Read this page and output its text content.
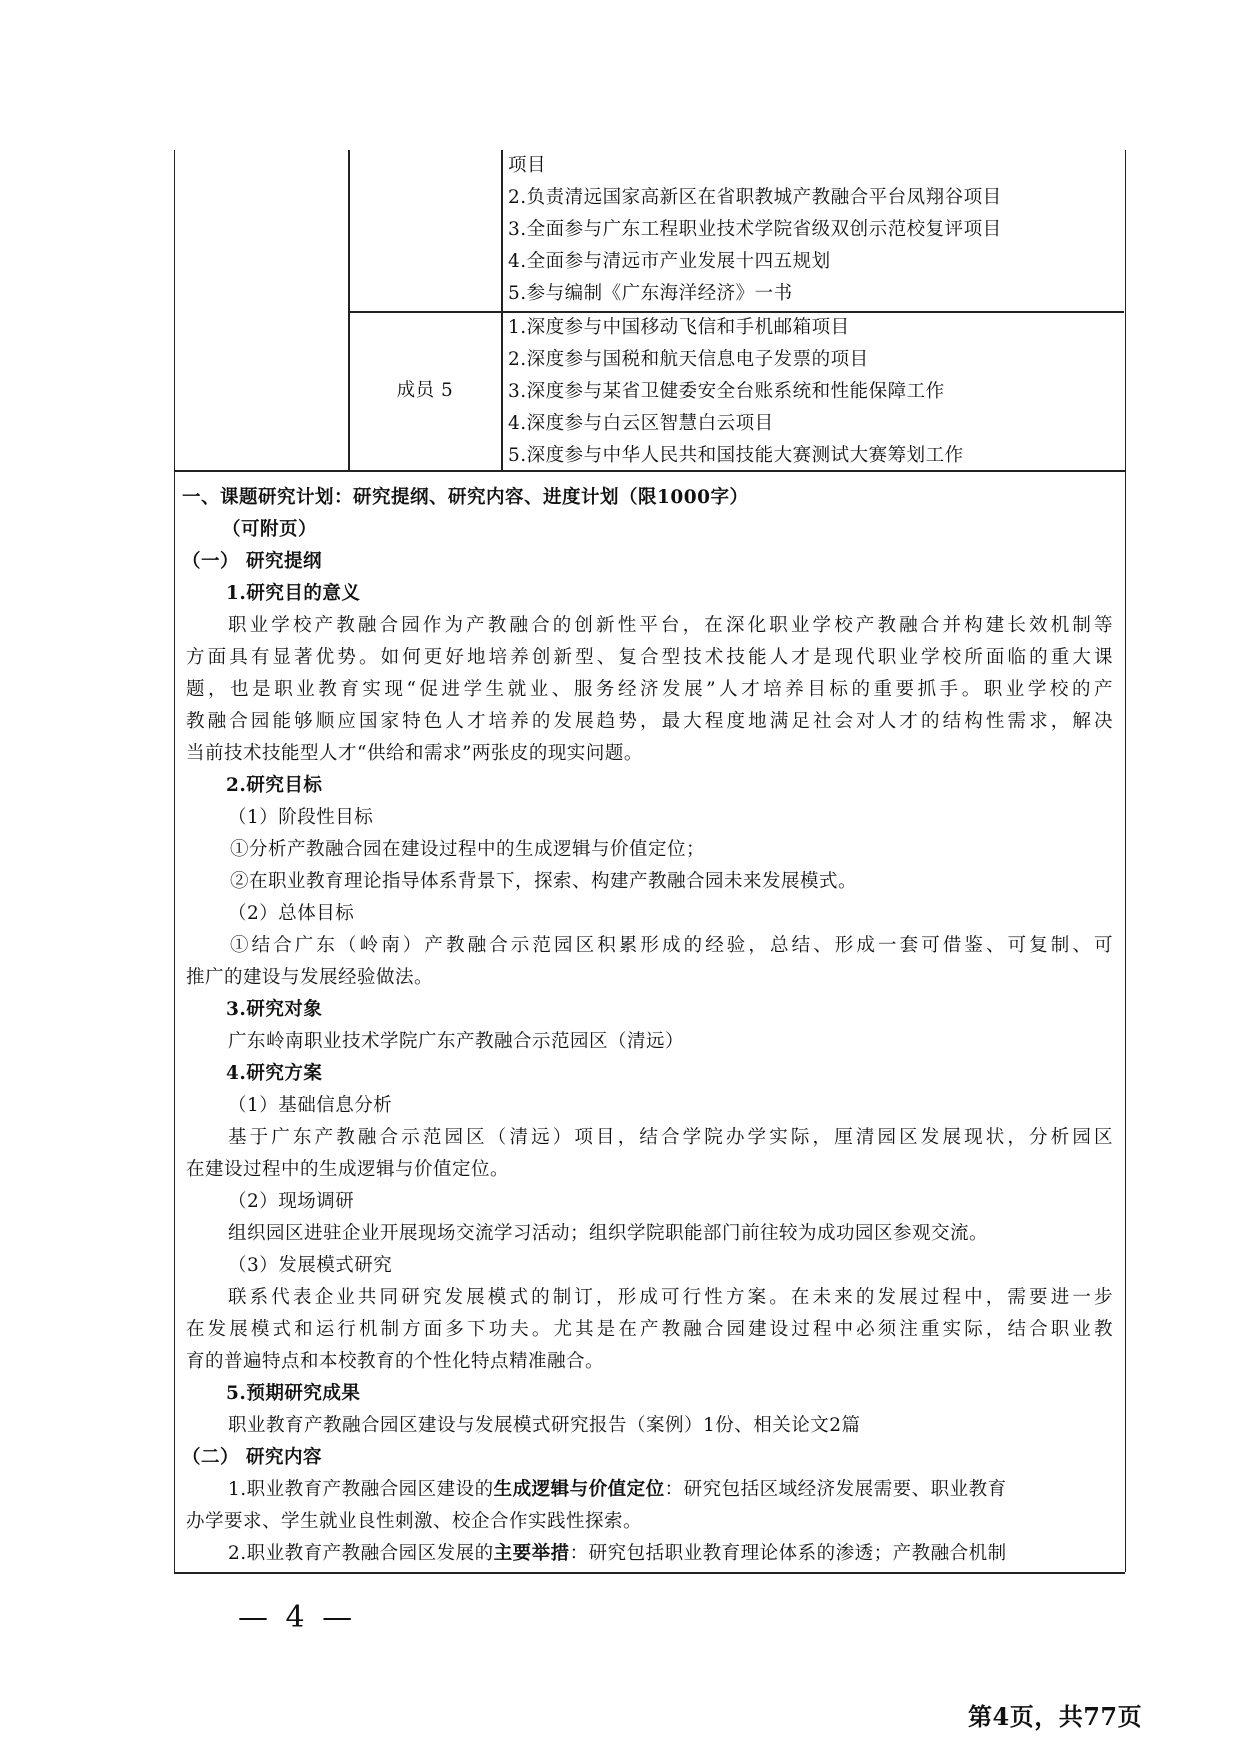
项目
2.负责清远国家高新区在省职教城产教融合平台凤翔谷项目
3.全面参与广东工程职业技术学院省级双创示范校复评项目
4.全面参与清远市产业发展十四五规划
5.参与编制《广东海洋经济》一书
成员 5
1.深度参与中国移动飞信和手机邮箱项目
2.深度参与国税和航天信息电子发票的项目
3.深度参与某省卫健委安全台账系统和性能保障工作
4.深度参与白云区智慧白云项目
5.深度参与中华人民共和国技能大赛测试大赛筹划工作
一、课题研究计划：研究提纲、研究内容、进度计划（限1000字）
（可附页）
（一） 研究提纲
1.研究目的意义
职业学校产教融合园作为产教融合的创新性平台，在深化职业学校产教融合并构建长效机制等
方面具有显著优势。如何更好地培养创新型、复合型技术技能人才是现代职业学校所面临的重大课
题，也是职业教育实现“促进学生就业、服务经济发展”人才培养目标的重要抓手。职业学校的产
教融合园能够顺应国家特色人才培养的发展趋势，最大程度地满足社会对人才的结构性需求，解决
当前技术技能型人才“供给和需求”两张皮的现实问题。
2.研究目标
（1）阶段性目标
①分析产教融合园在建设过程中的生成逻辑与价值定位；
②在职业教育理论指导体系背景下，探索、构建产教融合园未来发展模式。
（2）总体目标
①结合广东（岭南）产教融合示范园区积累形成的经验，总结、形成一套可借鉴、可复制、可
推广的建设与发展经验做法。
3.研究对象
广东岭南职业技术学院广东产教融合示范园区（清远）
4.研究方案
（1）基础信息分析
基于广东产教融合示范园区（清远）项目，结合学院办学实际，厘清园区发展现状，分析园区
在建设过程中的生成逻辑与价值定位。
（2）现场调研
组织园区进驻企业开展现场交流学习活动；组织学院职能部门前往较为成功园区参观交流。
（3）发展模式研究
联系代表企业共同研究发展模式的制订，形成可行性方案。在未来的发展过程中，需要进一步
在发展模式和运行机制方面多下功夫。尤其是在产教融合园建设过程中必须注重实际，结合职业教
育的普遍特点和本校教育的个性化特点精准融合。
5.预期研究成果
职业教育产教融合园区建设与发展模式研究报告（案例）1份、相关论文2篇
（二） 研究内容
1.职业教育产教融合园区建设的生成逻辑与价值定位：研究包括区域经济发展需要、职业教育
办学要求、学生就业良性刺激、校企合作实践性探索。
2.职业教育产教融合园区发展的主要举措：研究包括职业教育理论体系的渗透；产教融合机制
— 4 —
第4页，共77页
